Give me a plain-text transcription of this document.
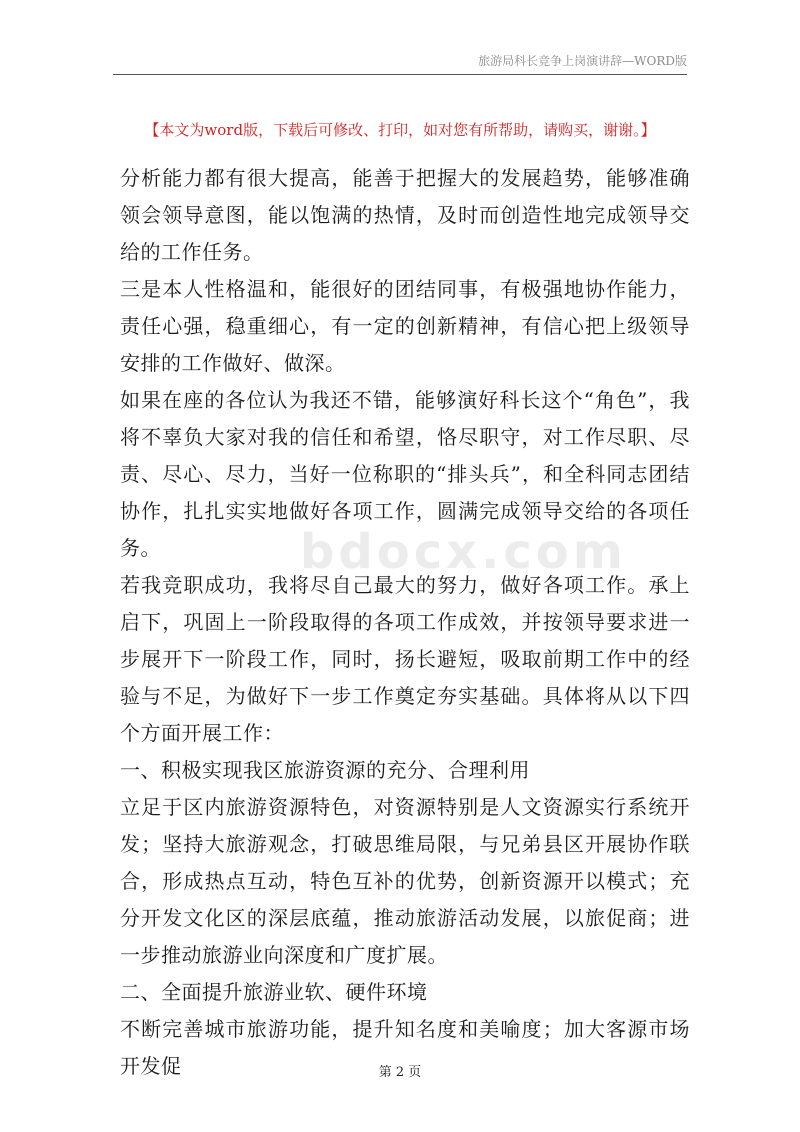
旅游局科长竞争上岗演讲辞—WORD版
【本文为word版，下载后可修改、打印，如对您有所帮助，请购买，谢谢。】

分析能力都有很大提高，能善于把握大的发展趋势，能够准确领会领导意图，能以饱满的热情，及时而创造性地完成领导交给的工作任务。

三是本人性格温和，能很好的团结同事，有极强地协作能力，责任心强，稳重细心，有一定的创新精神，有信心把上级领导安排的工作做好、做深。

如果在座的各位认为我还不错，能够演好科长这个“角色”，我将不辜负大家对我的信任和希望，恪尽职守，对工作尽职、尽责、尽心、尽力，当好一位称职的“排头兵”，和全科同志团结协作，扎扎实实地做好各项工作，圆满完成领导交给的各项任务。

若我竞职成功，我将尽自己最大的努力，做好各项工作。承上启下，巩固上一阶段取得的各项工作成效，并按领导要求进一步展开下一阶段工作，同时，扬长避短，吸取前期工作中的经验与不足，为做好下一步工作奠定夯实基础。具体将从以下四个方面开展工作：

一、积极实现我区旅游资源的充分、合理利用

立足于区内旅游资源特色，对资源特别是人文资源实行系统开发；坚持大旅游观念，打破思维局限，与兄弟县区开展协作联合，形成热点互动，特色互补的优势，创新资源开以模式；充分开发文化区的深层底蕴，推动旅游活动发展，以旅促商；进一步推动旅游业向深度和广度扩展。

二、全面提升旅游业软、硬件环境

不断完善城市旅游功能，提升知名度和美喻度；加大客源市场开发促

bdocx.com
第 2 页
